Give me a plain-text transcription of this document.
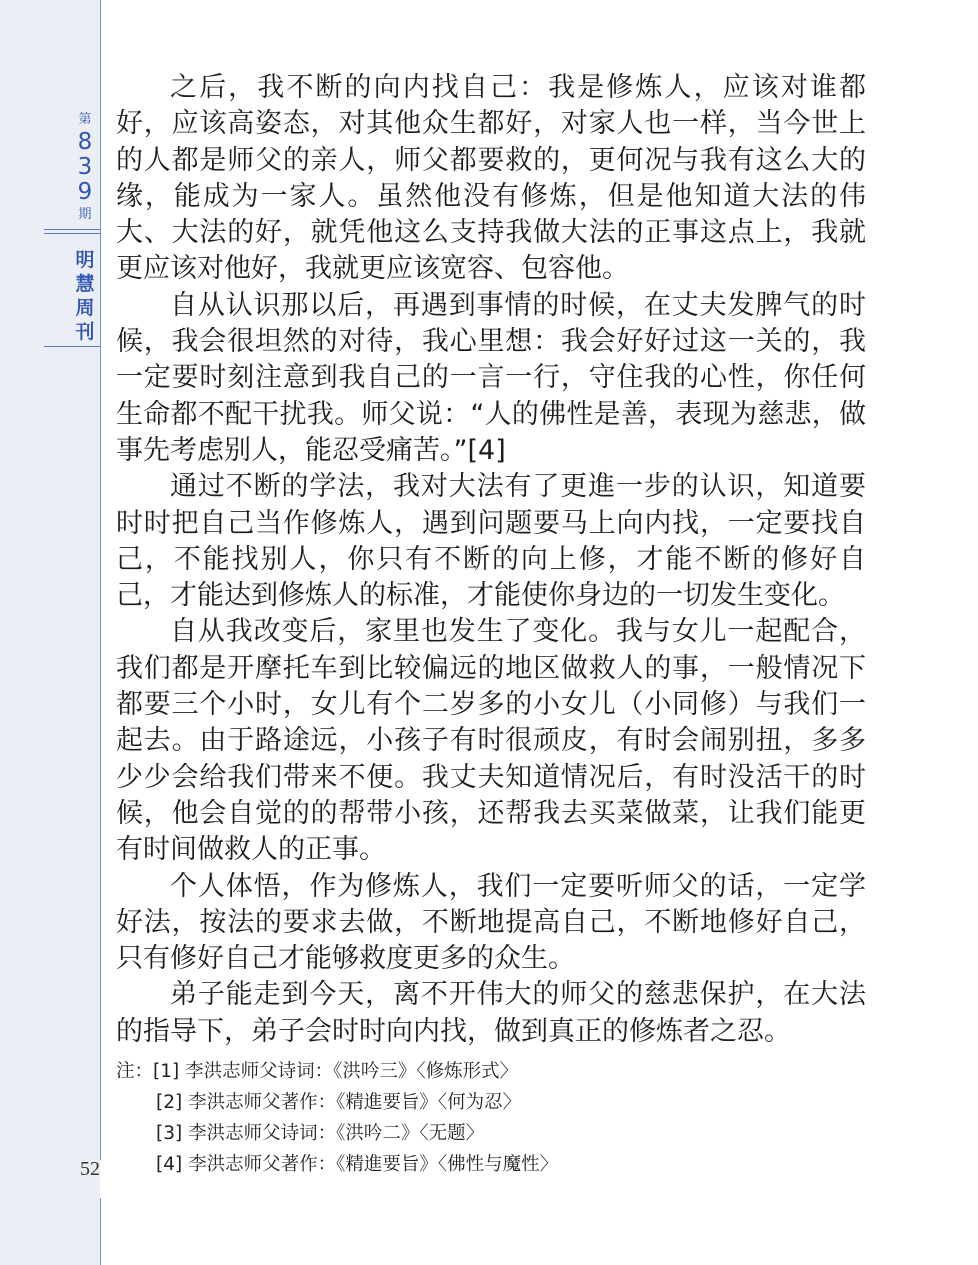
第
8
3
9
期
明
慧
周
刊
52

之后，我不断的向内找自己：我是修炼人，应该对谁都好，应该高姿态，对其他众生都好，对家人也一样，当今世上的人都是师父的亲人，师父都要救的，更何况与我有这么大的缘，能成为一家人。虽然他没有修炼，但是他知道大法的伟大、大法的好，就凭他这么支持我做大法的正事这点上，我就更应该对他好，我就更应该宽容、包容他。

自从认识那以后，再遇到事情的时候，在丈夫发脾气的时候，我会很坦然的对待，我心里想：我会好好过这一关的，我一定要时刻注意到我自己的一言一行，守住我的心性，你任何生命都不配干扰我。师父说：“人的佛性是善，表现为慈悲，做事先考虑别人，能忍受痛苦。”[4]

通过不断的学法，我对大法有了更進一步的认识，知道要时时把自己当作修炼人，遇到问题要马上向内找，一定要找自己，不能找别人，你只有不断的向上修，才能不断的修好自己，才能达到修炼人的标准，才能使你身边的一切发生变化。

自从我改变后，家里也发生了变化。我与女儿一起配合，我们都是开摩托车到比较偏远的地区做救人的事，一般情况下都要三个小时，女儿有个二岁多的小女儿（小同修）与我们一起去。由于路途远，小孩子有时很顽皮，有时会闹别扭，多多少少会给我们带来不便。我丈夫知道情况后，有时没活干的时候，他会自觉的的帮带小孩，还帮我去买菜做菜，让我们能更有时间做救人的正事。

个人体悟，作为修炼人，我们一定要听师父的话，一定学好法，按法的要求去做，不断地提高自己，不断地修好自己，只有修好自己才能够救度更多的众生。

弟子能走到今天，离不开伟大的师父的慈悲保护，在大法的指导下，弟子会时时向内找，做到真正的修炼者之忍。

注：[1] 李洪志师父诗词：《洪吟三》〈修炼形式〉
[2] 李洪志师父著作：《精進要旨》〈何为忍〉
[3] 李洪志师父诗词：《洪吟二》〈无题〉
[4] 李洪志师父著作：《精進要旨》〈佛性与魔性〉
